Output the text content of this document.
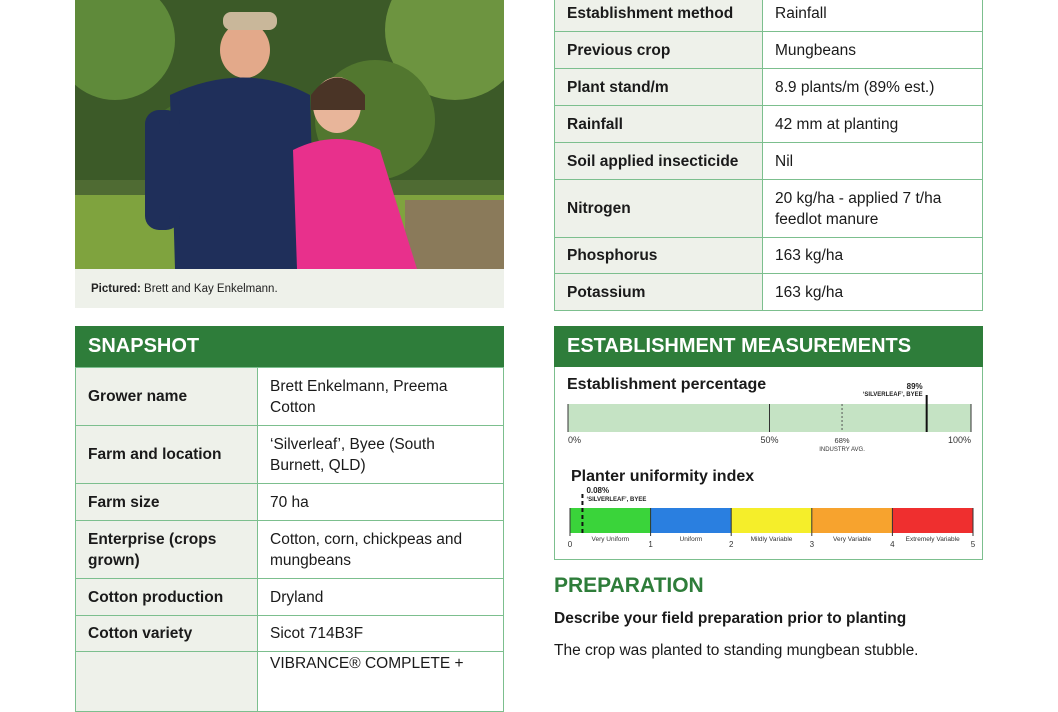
Pictured: Brett and Kay Enkelmann.
Establishment method	Rainfall
Previous crop	Mungbeans
Plant stand/m	8.9 plants/m (89% est.)
Rainfall	42 mm at planting
Soil applied insecticide	Nil
Nitrogen	20 kg/ha - applied 7 t/ha feedlot manure
Phosphorus	163 kg/ha
Potassium	163 kg/ha
SNAPSHOT
Grower name	Brett Enkelmann, Preema Cotton
Farm and location	‘Silverleaf’, Byee (South Burnett, QLD)
Farm size	70 ha
Enterprise (crops grown)	Cotton, corn, chickpeas and mungbeans
Cotton production	Dryland
Cotton variety	Sicot 714B3F
	VIBRANCE® COMPLETE +
ESTABLISHMENT MEASUREMENTS
Establishment percentage
0%	50%	100%
68%
INDUSTRY AVG.
89%
‘SILVERLEAF’, BYEE
Planter uniformity index
Very Uniform	Uniform	Mildly Variable	Very Variable	Extremely Variable
0	1	2	3	4	5
0.08%
‘SILVERLEAF’, BYEE
PREPARATION
Describe your field preparation prior to planting
The crop was planted to standing mungbean stubble.
